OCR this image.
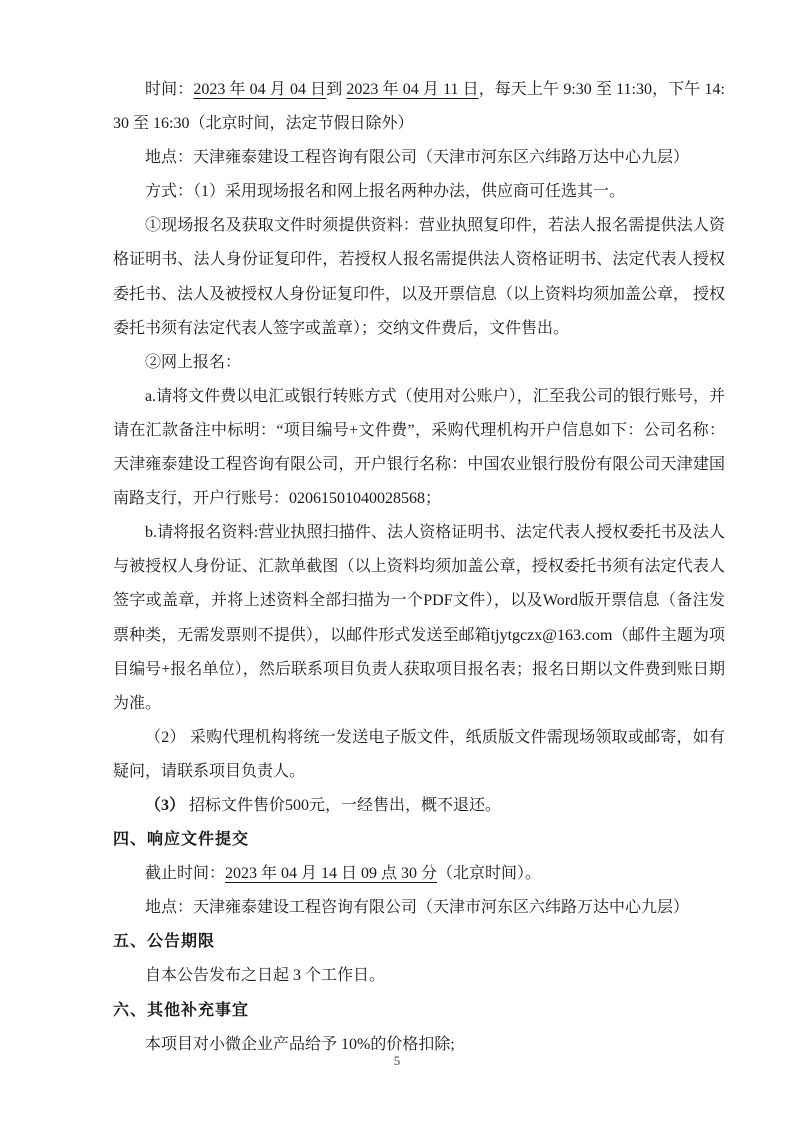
时间：2023 年 04 月 04 日到 2023 年 04 月 11 日，每天上午 9:30 至 11:30，下午 14:30 至 16:30（北京时间，法定节假日除外）

地点：天津雍泰建设工程咨询有限公司（天津市河东区六纬路万达中心九层）

方式：（1）采用现场报名和网上报名两种办法，供应商可任选其一。

①现场报名及获取文件时须提供资料：营业执照复印件，若法人报名需提供法人资格证明书、法人身份证复印件，若授权人报名需提供法人资格证明书、法定代表人授权委托书、法人及被授权人身份证复印件，以及开票信息（以上资料均须加盖公章， 授权委托书须有法定代表人签字或盖章）；交纳文件费后，文件售出。

②网上报名：

a.请将文件费以电汇或银行转账方式（使用对公账户），汇至我公司的银行账号，并请在汇款备注中标明：“项目编号+文件费”，采购代理机构开户信息如下：公司名称：天津雍泰建设工程咨询有限公司，开户银行名称：中国农业银行股份有限公司天津建国南路支行，开户行账号：02061501040028568；

b.请将报名资料:营业执照扫描件、法人资格证明书、法定代表人授权委托书及法人与被授权人身份证、汇款单截图（以上资料均须加盖公章，授权委托书须有法定代表人签字或盖章，并将上述资料全部扫描为一个PDF文件），以及Word版开票信息（备注发票种类，无需发票则不提供），以邮件形式发送至邮箱tjytgczx@163.com（邮件主题为项目编号+报名单位），然后联系项目负责人获取项目报名表；报名日期以文件费到账日期为准。

（2） 采购代理机构将统一发送电子版文件，纸质版文件需现场领取或邮寄，如有疑问，请联系项目负责人。

（3） 招标文件售价500元，一经售出，概不退还。

四、响应文件提交

截止时间：2023 年 04 月 14 日 09 点 30 分（北京时间）。

地点：天津雍泰建设工程咨询有限公司（天津市河东区六纬路万达中心九层）

五、公告期限

自本公告发布之日起 3 个工作日。

六、其他补充事宜

本项目对小微企业产品给予 10%的价格扣除;

5
